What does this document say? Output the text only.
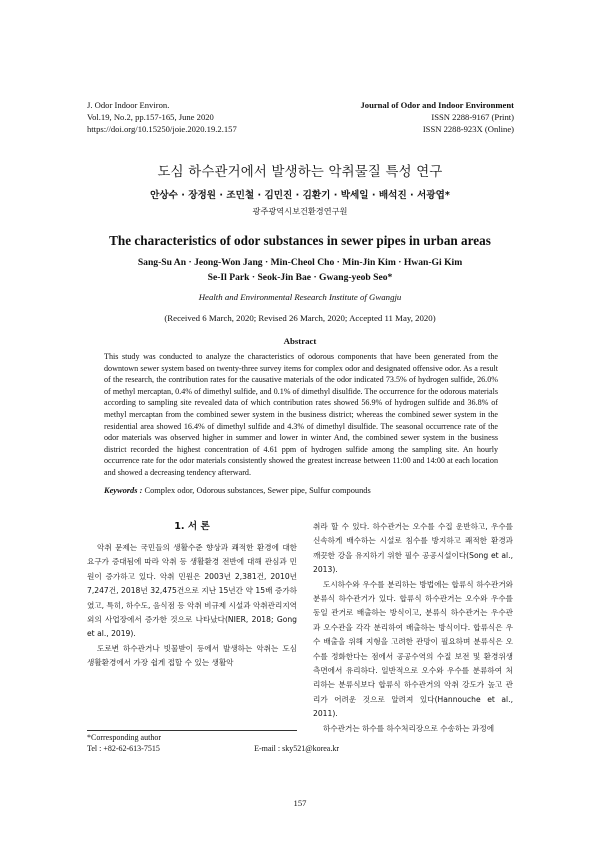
J. Odor Indoor Environ.
Vol.19, No.2, pp.157-165, June 2020
https://doi.org/10.15250/joie.2020.19.2.157
Journal of Odor and Indoor Environment
ISSN 2288-9167 (Print)
ISSN 2288-923X (Online)
도심 하수관거에서 발생하는 악취물질 특성 연구
안상수 · 장정원 · 조민철 · 김민진 · 김환기 · 박세일 · 배석진 · 서광엽*
광주광역시보건환경연구원
The characteristics of odor substances in sewer pipes in urban areas
Sang-Su An · Jeong-Won Jang · Min-Cheol Cho · Min-Jin Kim · Hwan-Gi Kim
Se-Il Park · Seok-Jin Bae · Gwang-yeob Seo*
Health and Environmental Research Institute of Gwangju
(Received 6 March, 2020; Revised 26 March, 2020; Accepted 11 May, 2020)
Abstract
This study was conducted to analyze the characteristics of odorous components that have been generated from the downtown sewer system based on twenty-three survey items for complex odor and designated offensive odor. As a result of the research, the contribution rates for the causative materials of the odor indicated 73.5% of hydrogen sulfide, 26.0% of methyl mercaptan, 0.4% of dimethyl sulfide, and 0.1% of dimethyl disulfide. The occurrence for the odorous materials according to sampling site revealed data of which contribution rates showed 56.9% of hydrogen sulfide and 36.8% of methyl mercaptan from the combined sewer system in the business district; whereas the combined sewer system in the residential area showed 16.4% of dimethyl sulfide and 4.3% of dimethyl disulfide. The seasonal occurrence rate of the odor materials was observed higher in summer and lower in winter And, the combined sewer system in the business district recorded the highest concentration of 4.61 ppm of hydrogen sulfide among the sampling site. An hourly occurrence rate for the odor materials consistently showed the greatest increase between 11:00 and 14:00 at each location and showed a decreasing tendency afterward.
Keywords : Complex odor, Odorous substances, Sewer pipe, Sulfur compounds
1. 서 론

악취 문제는 국민들의 생활수준 향상과 쾌적한 환경에 대한 요구가 증대됨에 따라 악취 등 생활환경 전반에 대해 관심과 민원이 증가하고 있다. 악취 민원은 2003년 2,381건, 2010년 7,247건, 2018년 32,475건으로 지난 15년간 약 15배 증가하였고, 특히, 하수도, 음식점 등 악취 비규제 시설과 악취관리지역 외의 사업장에서 증가한 것으로 나타났다(NIER, 2018; Gong et al., 2019).

도로변 하수관거나 빗물받이 등에서 발생하는 악취는 도심 생활환경에서 가장 쉽게 접할 수 있는 생활악

취라 할 수 있다. 하수관거는 오수를 수집 운반하고, 우수를 신속하게 배수하는 시설로 침수를 방지하고 쾌적한 환경과 깨끗한 강을 유지하기 위한 필수 공공시설이다(Song et al., 2013).

도시하수와 우수를 분리하는 방법에는 합류식 하수관거와 분류식 하수관거가 있다. 합류식 하수관거는 오수와 우수를 동일 관거로 배출하는 방식이고, 분류식 하수관거는 우수관과 오수관을 각각 분리하여 배출하는 방식이다. 합류식은 우수 배출을 위해 지형을 고려한 관망이 필요하며 분류식은 오수를 정화한다는 점에서 공공수역의 수질 보전 및 환경위생 측면에서 유리하다. 일반적으로 오수와 우수를 분류하여 처리하는 분류식보다 합류식 하수관거의 악취 강도가 높고 관리가 어려운 것으로 알려져 있다(Hannouche et al., 2011).

하수관거는 하수를 하수처리장으로 수송하는 과정에

*Corresponding author
Tel : +82-62-613-7515	E-mail : sky521@korea.kr
157
